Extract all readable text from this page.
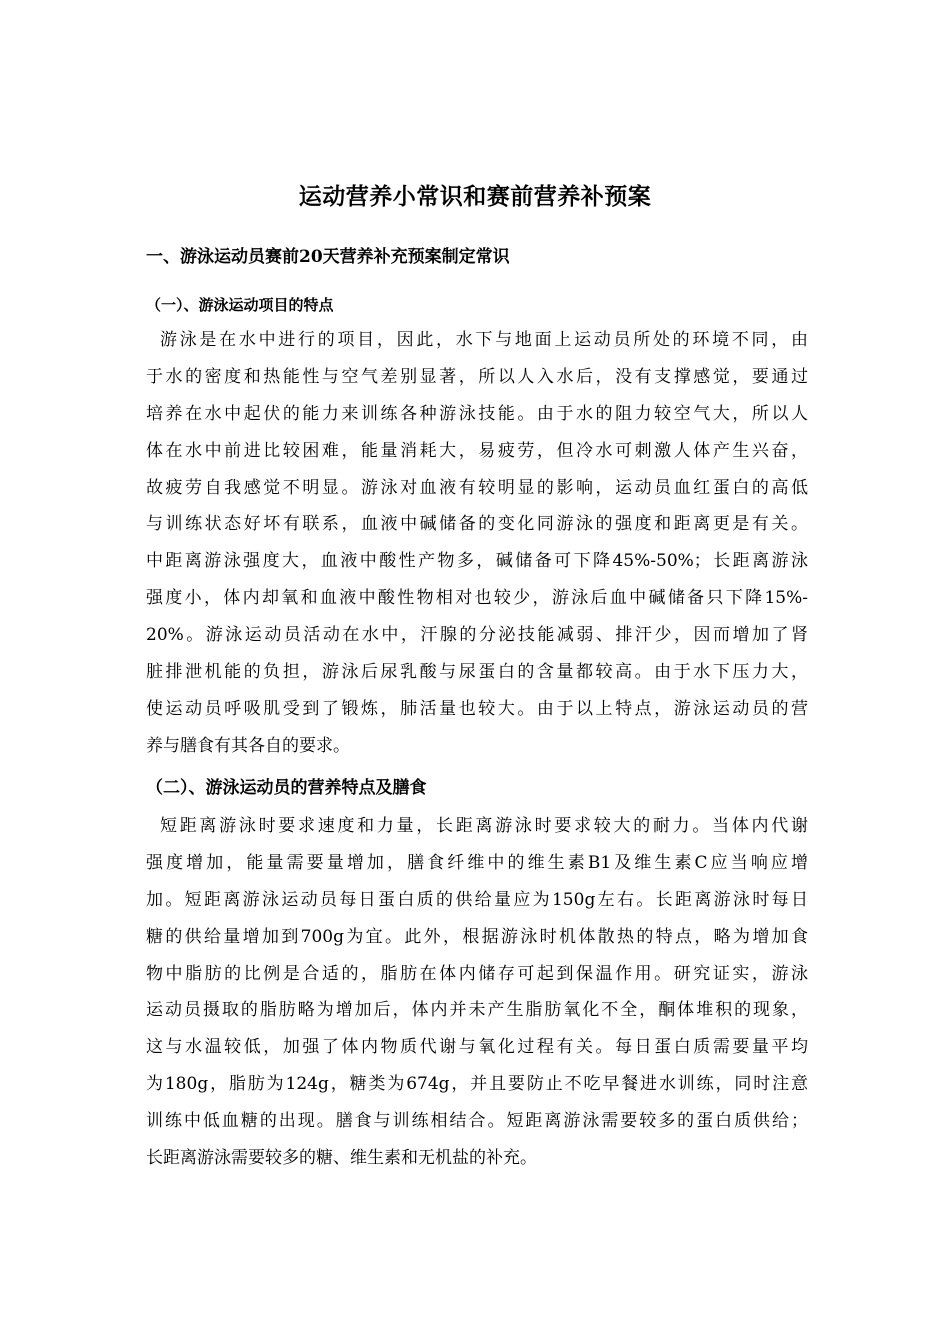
运动营养小常识和赛前营养补预案
一、游泳运动员赛前20天营养补充预案制定常识
（一）、游泳运动项目的特点
游泳是在水中进行的项目，因此，水下与地面上运动员所处的环境不同，由
于水的密度和热能性与空气差别显著，所以人入水后，没有支撑感觉，要通过
培养在水中起伏的能力来训练各种游泳技能。由于水的阻力较空气大，所以人
体在水中前进比较困难，能量消耗大，易疲劳，但冷水可刺激人体产生兴奋，
故疲劳自我感觉不明显。游泳对血液有较明显的影响，运动员血红蛋白的高低
与训练状态好坏有联系，血液中碱储备的变化同游泳的强度和距离更是有关。
中距离游泳强度大，血液中酸性产物多，碱储备可下降45%-50%；长距离游泳
强度小，体内却氧和血液中酸性物相对也较少，游泳后血中碱储备只下降15%-
20%。游泳运动员活动在水中，汗腺的分泌技能减弱、排汗少，因而增加了肾
脏排泄机能的负担，游泳后尿乳酸与尿蛋白的含量都较高。由于水下压力大，
使运动员呼吸肌受到了锻炼，肺活量也较大。由于以上特点，游泳运动员的营
养与膳食有其各自的要求。
（二）、游泳运动员的营养特点及膳食
短距离游泳时要求速度和力量，长距离游泳时要求较大的耐力。当体内代谢
强度增加，能量需要量增加，膳食纤维中的维生素B1及维生素C应当响应增
加。短距离游泳运动员每日蛋白质的供给量应为150g左右。长距离游泳时每日
糖的供给量增加到700g为宜。此外，根据游泳时机体散热的特点，略为增加食
物中脂肪的比例是合适的，脂肪在体内储存可起到保温作用。研究证实，游泳
运动员摄取的脂肪略为增加后，体内并未产生脂肪氧化不全，酮体堆积的现象，
这与水温较低，加强了体内物质代谢与氧化过程有关。每日蛋白质需要量平均
为180g，脂肪为124g，糖类为674g，并且要防止不吃早餐进水训练，同时注意
训练中低血糖的出现。膳食与训练相结合。短距离游泳需要较多的蛋白质供给；
长距离游泳需要较多的糖、维生素和无机盐的补充。
